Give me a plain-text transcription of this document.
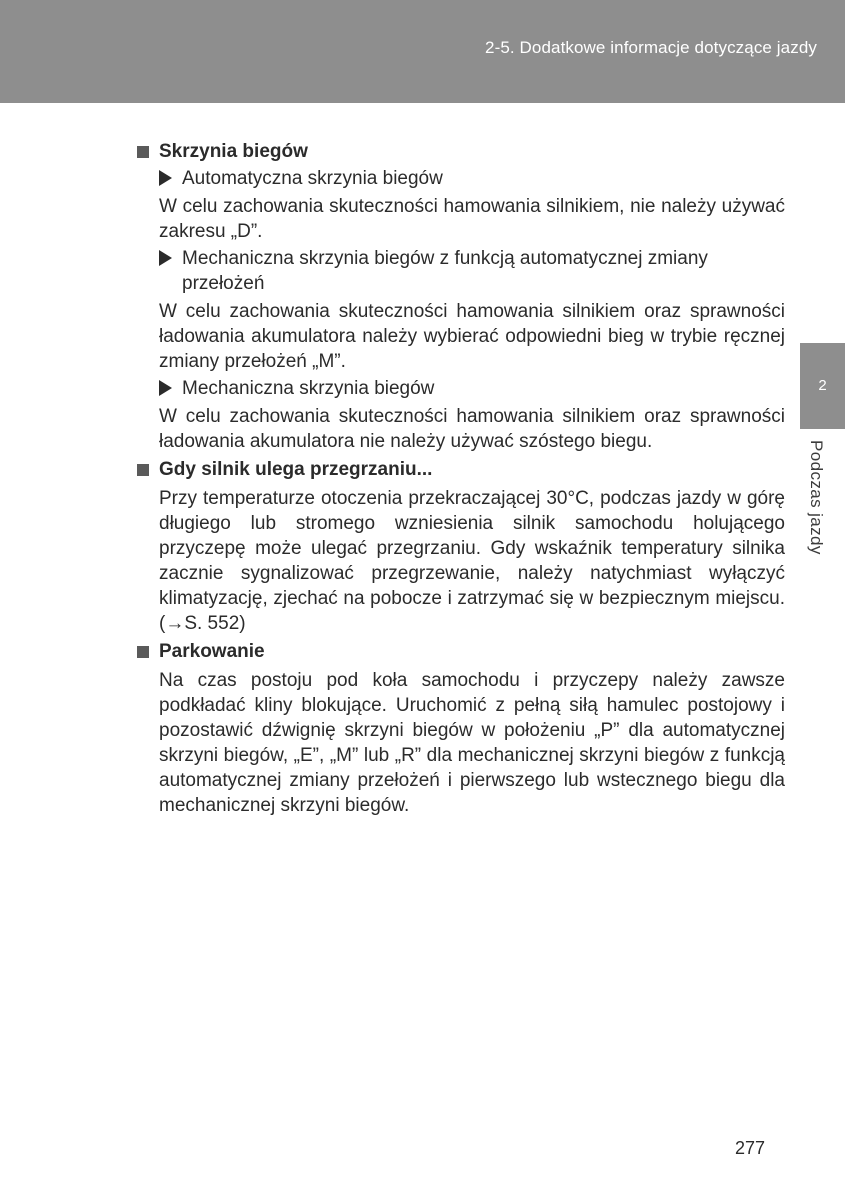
2-5. Dodatkowe informacje dotyczące jazdy
2
Podczas jazdy
Skrzynia biegów
Automatyczna skrzynia biegów
W celu zachowania skuteczności hamowania silnikiem, nie należy używać zakresu „D”.
Mechaniczna skrzynia biegów z funkcją automatycznej zmiany przełożeń
W celu zachowania skuteczności hamowania silnikiem oraz sprawności ładowania akumulatora należy wybierać odpowiedni bieg w trybie ręcznej zmiany przełożeń „M”.
Mechaniczna skrzynia biegów
W celu zachowania skuteczności hamowania silnikiem oraz sprawności ładowania akumulatora nie należy używać szóstego biegu.
Gdy silnik ulega przegrzaniu...
Przy temperaturze otoczenia przekraczającej 30°C, podczas jazdy w górę długiego lub stromego wzniesienia silnik samochodu holującego przyczepę może ulegać przegrzaniu. Gdy wskaźnik temperatury silnika zacznie sygnalizować przegrzewanie, należy natychmiast wyłączyć klimatyzację, zjechać na pobocze i zatrzymać się w bezpiecznym miejscu. (→S. 552)
Parkowanie
Na czas postoju pod koła samochodu i przyczepy należy zawsze podkładać kliny blokujące. Uruchomić z pełną siłą hamulec postojowy i pozostawić dźwignię skrzyni biegów w położeniu „P” dla automatycznej skrzyni biegów, „E”, „M” lub „R” dla mechanicznej skrzyni biegów z funkcją automatycznej zmiany przełożeń i pierwszego lub wstecznego biegu dla mechanicznej skrzyni biegów.
277
